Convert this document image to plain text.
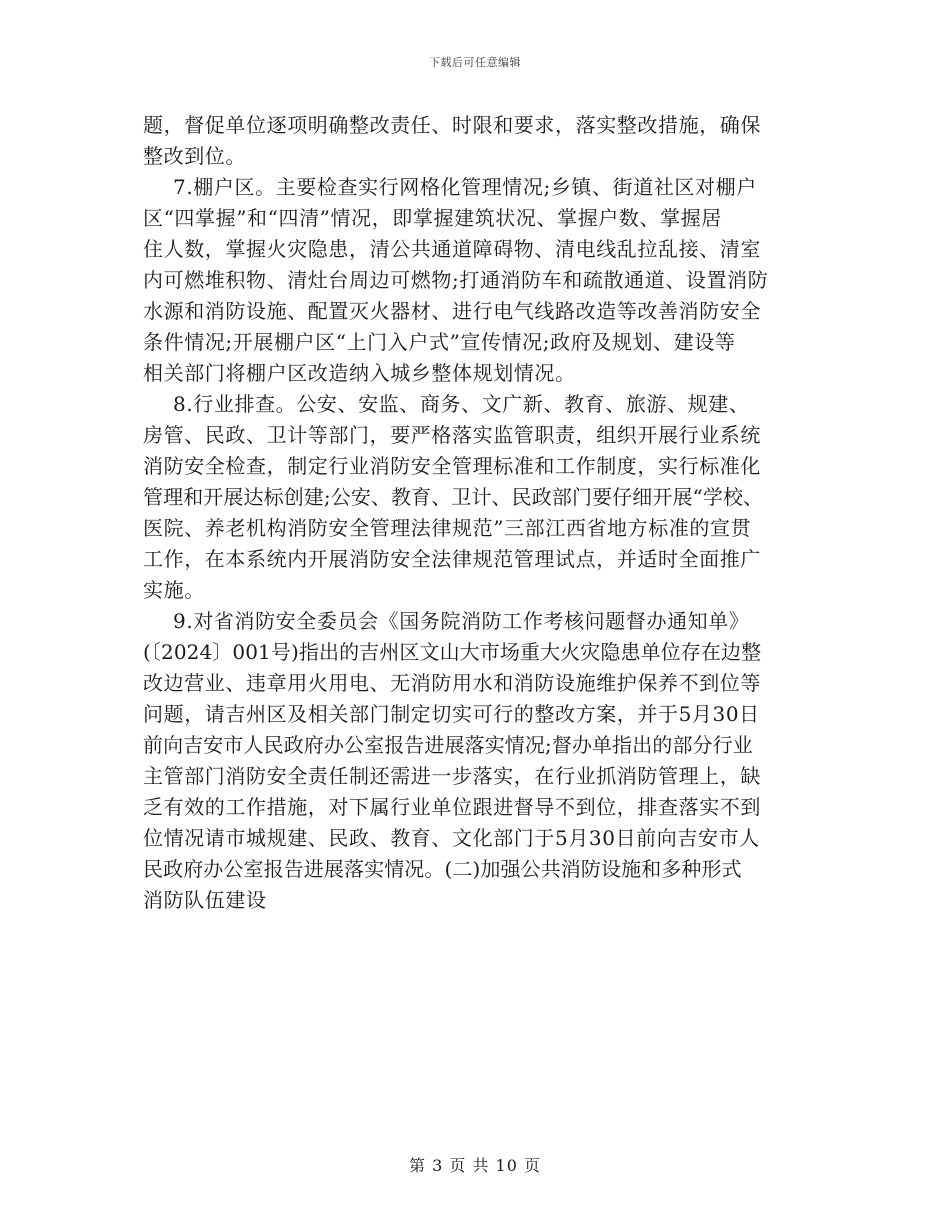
下载后可任意编辑
题，督促单位逐项明确整改责任、时限和要求，落实整改措施，确保
整改到位。
7.棚户区。主要检查实行网格化管理情况;乡镇、街道社区对棚户
区“四掌握”和“四清”情况，即掌握建筑状况、掌握户数、掌握居
住人数，掌握火灾隐患，清公共通道障碍物、清电线乱拉乱接、清室
内可燃堆积物、清灶台周边可燃物;打通消防车和疏散通道、设置消防
水源和消防设施、配置灭火器材、进行电气线路改造等改善消防安全
条件情况;开展棚户区“上门入户式”宣传情况;政府及规划、建设等
相关部门将棚户区改造纳入城乡整体规划情况。
8.行业排查。公安、安监、商务、文广新、教育、旅游、规建、
房管、民政、卫计等部门，要严格落实监管职责，组织开展行业系统
消防安全检查，制定行业消防安全管理标准和工作制度，实行标准化
管理和开展达标创建;公安、教育、卫计、民政部门要仔细开展“学校、
医院、养老机构消防安全管理法律规范”三部江西省地方标准的宣贯
工作，在本系统内开展消防安全法律规范管理试点，并适时全面推广
实施。
9.对省消防安全委员会《国务院消防工作考核问题督办通知单》
(〔2024〕001号)指出的吉州区文山大市场重大火灾隐患单位存在边整
改边营业、违章用火用电、无消防用水和消防设施维护保养不到位等
问题，请吉州区及相关部门制定切实可行的整改方案，并于5月30日
前向吉安市人民政府办公室报告进展落实情况;督办单指出的部分行业
主管部门消防安全责任制还需进一步落实，在行业抓消防管理上，缺
乏有效的工作措施，对下属行业单位跟进督导不到位，排查落实不到
位情况请市城规建、民政、教育、文化部门于5月30日前向吉安市人
民政府办公室报告进展落实情况。(二)加强公共消防设施和多种形式
消防队伍建设
第 3 页 共 10 页
